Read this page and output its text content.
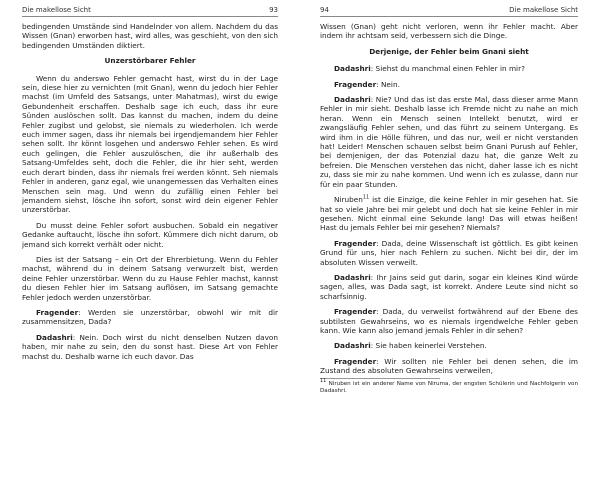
Die makellose Sicht	93

bedingenden Umstände sind Handelnder von allem. Nachdem du das Wissen (Gnan) erworben hast, wird alles, was geschieht, von den sich bedingenden Umständen diktiert.

Unzerstörbarer Fehler

Wenn du anderswo Fehler gemacht hast, wirst du in der Lage sein, diese hier zu vernichten (mit Gnan), wenn du jedoch hier Fehler machst (im Umfeld des Satsangs, unter Mahatmas), wirst du ewige Gebundenheit erschaffen. Deshalb sage ich euch, dass ihr eure Sünden auslöschen sollt. Das kannst du machen, indem du deine Fehler zugibst und gelobst, sie niemals zu wiederholen. Ich werde euch immer sagen, dass ihr niemals bei irgendjemandem hier Fehler sehen sollt. Ihr könnt losgehen und anderswo Fehler sehen. Es wird euch gelingen, die Fehler auszulöschen, die ihr außerhalb des Satsang-Umfeldes seht, doch die Fehler, die ihr hier seht, werden euch derart binden, dass ihr niemals frei werden könnt. Seh niemals Fehler in anderen, ganz egal, wie unangemessen das Verhalten eines Menschen sein mag. Und wenn du zufällig einen Fehler bei jemandem siehst, lösche ihn sofort, sonst wird dein eigener Fehler unzerstörbar.

Du musst deine Fehler sofort ausbuchen. Sobald ein negativer Gedanke auftaucht, lösche ihn sofort. Kümmere dich nicht darum, ob jemand sich korrekt verhält oder nicht.

Dies ist der Satsang – ein Ort der Ehrerbietung. Wenn du Fehler machst, während du in deinem Satsang verwurzelt bist, werden deine Fehler unzerstörbar. Wenn du zu Hause Fehler machst, kannst du diesen Fehler hier im Satsang auflösen, im Satsang gemachte Fehler jedoch werden unzerstörbar.

Fragender: Werden sie unzerstörbar, obwohl wir mit dir zusammensitzen, Dada?

Dadashri: Nein. Doch wirst du nicht denselben Nutzen davon haben, mir nahe zu sein, den du sonst hast. Diese Art von Fehler machst du. Deshalb warne ich euch davor. Das

94	Die makellose Sicht

Wissen (Gnan) geht nicht verloren, wenn ihr Fehler macht. Aber indem ihr achtsam seid, verbessern sich die Dinge.

Derjenige, der Fehler beim Gnani sieht

Dadashri: Siehst du manchmal einen Fehler in mir?

Fragender: Nein.

Dadashri: Nie? Und das ist das erste Mal, dass dieser arme Mann Fehler in mir sieht. Deshalb lasse ich Fremde nicht zu nahe an mich heran. Wenn ein Mensch seinen Intellekt benutzt, wird er zwangsläufig Fehler sehen, und das führt zu seinem Untergang. Es wird ihm in die Hölle führen, und das nur, weil er nicht verstanden hat! Leider! Menschen schauen selbst beim Gnani Purush auf Fehler, bei demjenigen, der das Potenzial dazu hat, die ganze Welt zu befreien. Die Menschen verstehen das nicht, daher lasse ich es nicht zu, dass sie mir zu nahe kommen. Und wenn ich es zulasse, dann nur für ein paar Stunden.

Niruben$^{11}$ ist die Einzige, die keine Fehler in mir gesehen hat. Sie hat so viele Jahre bei mir gelebt und doch hat sie keine Fehler in mir gesehen. Nicht einmal eine Sekunde lang! Das will etwas heißen! Hast du jemals Fehler bei mir gesehen? Niemals?

Fragender: Dada, deine Wissenschaft ist göttlich. Es gibt keinen Grund für uns, hier nach Fehlern zu suchen. Nicht bei dir, der im absoluten Wissen verweilt.

Dadashri: Ihr Jains seid gut darin, sogar ein kleines Kind würde sagen, alles, was Dada sagt, ist korrekt. Andere Leute sind nicht so scharfsinnig.

Fragender: Dada, du verweilst fortwährend auf der Ebene des subtilsten Gewahrseins, wo es niemals irgendwelche Fehler geben kann. Wie kann also jemand jemals Fehler in dir sehen?

Dadashri: Sie haben keinerlei Verstehen.

Fragender: Wir sollten nie Fehler bei denen sehen, die im Zustand des absoluten Gewahrseins verweilen,

$^{11}$ Niruben ist ein anderer Name von Niruma, der engsten Schülerin und Nachfolgerin von Dadashri.
